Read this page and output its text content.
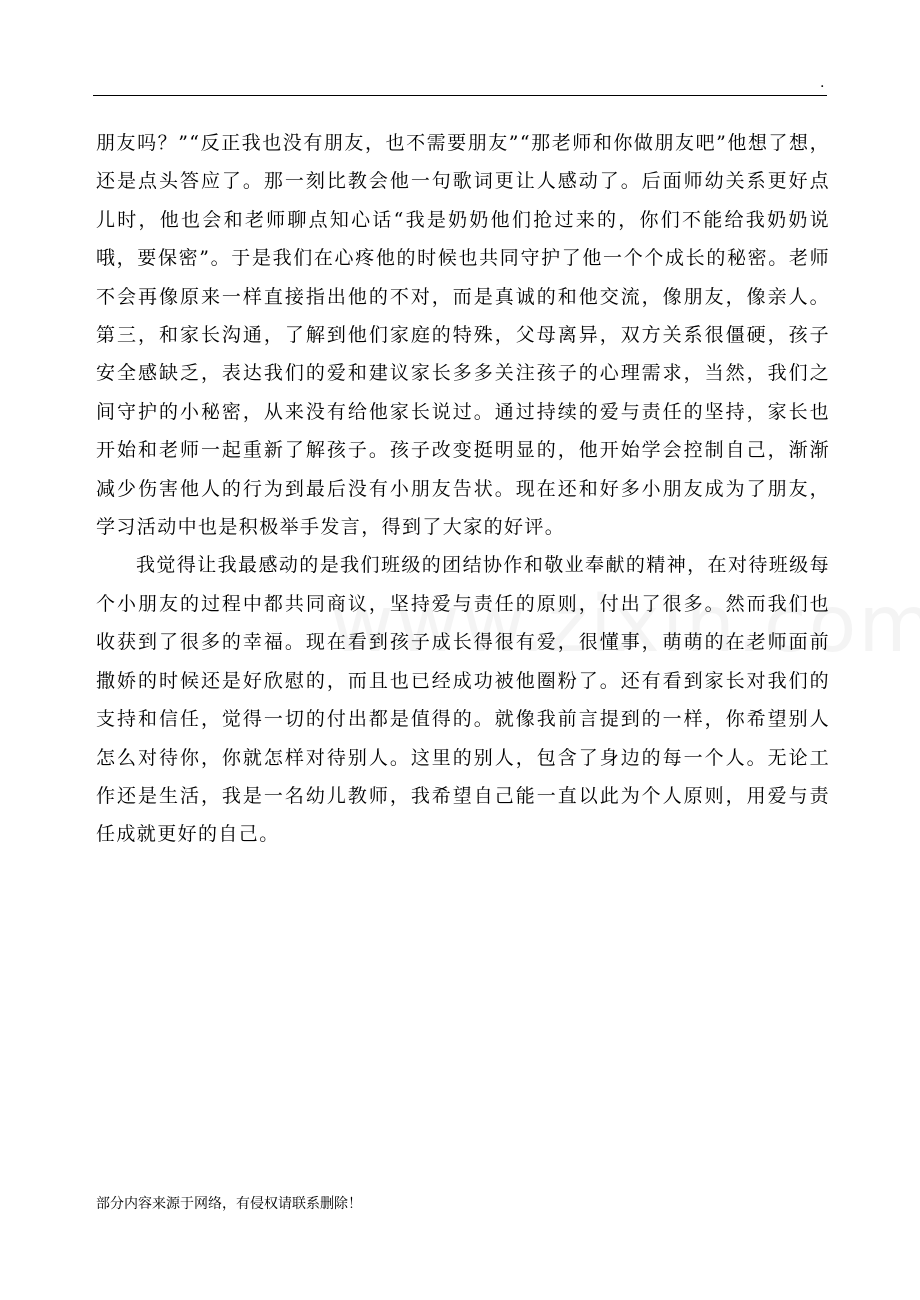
.

朋友吗？”“反正我也没有朋友，也不需要朋友”“那老师和你做朋友吧”他想了想，还是点头答应了。那一刻比教会他一句歌词更让人感动了。后面师幼关系更好点儿时，他也会和老师聊点知心话“我是奶奶他们抢过来的，你们不能给我奶奶说哦，要保密”。于是我们在心疼他的时候也共同守护了他一个个成长的秘密。老师不会再像原来一样直接指出他的不对，而是真诚的和他交流，像朋友，像亲人。第三，和家长沟通，了解到他们家庭的特殊，父母离异，双方关系很僵硬，孩子安全感缺乏，表达我们的爱和建议家长多多关注孩子的心理需求，当然，我们之间守护的小秘密，从来没有给他家长说过。通过持续的爱与责任的坚持，家长也开始和老师一起重新了解孩子。孩子改变挺明显的，他开始学会控制自己，渐渐减少伤害他人的行为到最后没有小朋友告状。现在还和好多小朋友成为了朋友，学习活动中也是积极举手发言，得到了大家的好评。

我觉得让我最感动的是我们班级的团结协作和敬业奉献的精神，在对待班级每个小朋友的过程中都共同商议，坚持爱与责任的原则，付出了很多。然而我们也收获到了很多的幸福。现在看到孩子成长得很有爱，很懂事，萌萌的在老师面前撒娇的时候还是好欣慰的，而且也已经成功被他圈粉了。还有看到家长对我们的支持和信任，觉得一切的付出都是值得的。就像我前言提到的一样，你希望别人怎么对待你，你就怎样对待别人。这里的别人，包含了身边的每一个人。无论工作还是生活，我是一名幼儿教师，我希望自己能一直以此为个人原则，用爱与责任成就更好的自己。

部分内容来源于网络，有侵权请联系删除！
